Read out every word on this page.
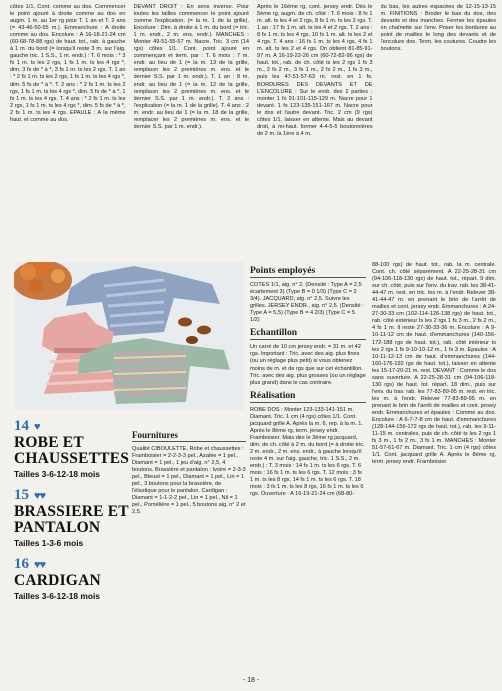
côtes 1/1. Cont. comme au dos. Commencer le point ajouré à droite comme au dos en augm. 1 m. au 1er rg pour T. 1 an et T. 2 ans (= 43-46-50-55 m.). Emmanchure : A droite comme au dos. Encolure : A 16-18-21-24 cm (60-68-78-88 rgs) de haut. tot., rab. à gauche à 1 m. du bord (= lorsqu'il reste 3 m. sur l'aig. gauche tric. 1 S.S., 1 m. endr.) : T. 6 mois : * 3 fs 1 m. ts les 2 rgs, 1 fs 1 m. ts les 4 rgs *, dim. 3 fs de * à *, 3 fs 1 m. ts les 2 rgs. T. 1 an : * 2 fs 1 m. ts les 2 rgs, 1 fs 1 m. ts les 4 rgs *, dim. 5 fs de * à *. T. 2 ans : * 2 fs 1 m. ts les 2 rgs, 1 fs 1 m. ts les 4 rgs *, dim. 5 fs de * à *, 1 fs 1 m. ts les 4 rgs. T. 4 ans : * 2 fs 1 m. ts les 2 rgs, 1 fs 1 m. ts les 4 rgs *, dim. 5 fs de * à *, 2 fs 1 m. ts les 4 rgs. EPAULE : A la même haut. et comme au dos.

DEVANT DROIT : En sens inverse. Pour toutes les tailles commencer le point ajouré comme l'explication. (= la m. 1 de la grille). Encolure : Dim. à droite à 1 m. du bord (= tric. 1 m. endr., 2 m. ens. endr.). MANCHES : Monter 49-51-55-57 m. Nacre. Tric. 3 cm (14 rgs) côtes 1/1. Cont. point ajouré en commençant et term. par : T. 6 mois : 7 m. endr. au lieu de 1 (= la m. 13 de la grille, remplacer les 2 premières m. ens. et le dernier S.S. par 1 m. endr.). T. 1 an : 8 m. endr. au lieu de 1 (= la m. 12 de la grille, remplacer les 2 premières m. ens. et le dernier S.S. par 1 m. endr.). T. 2 ans : l'explication (= la m. 1 de la grille). T. 4 ans : 2 m. endr. au lieu de 1 (= la m. 18 de la grille, remplacer les 2 premières m. ens. et le dernier S.S. par 1 m. endr.).

Après le 16ème rg, cont. jersey endr. Dès le 5ème rg, augm. de ch. côté : T. 6 mois : 8 fs 1 m. alt. ts les 4 et 2 rgs, 8 fs 1 m. ts les 2 rgs. T. 1 an : 17 fs 1 m. alt. ts les 4 et 2 rgs. T. 2 ans : 8 fs 1 m. ts les 4 rgs, 10 fs 1 m. alt. ts les 2 et 4 rgs. T. 4 ans : 16 fs 1 m. ts les 4 rgs, 4 fs 1 m. alt. ts les 2 et 4 rgs. On obtient 81-85-91-97 m. A 16-19-22-26 cm (60-72-82-96 rgs) de haut. tot., rab. de ch. côté ts les 2 rgs 1 fs 3 m., 2 fs 2 m., 3 fs 1 m., 2 fs 2 m., 1 fs 3 m., puis les 47-51-57-63 m. rest. en 1 fs. BORDURES DES DEVANTS ET DE L'ENCOLURE : Sur le endr. des 2 parties : monter 1 fs 91-101-115-129 m. Nacre pour 1 devant. 1 fs 123-135-151-167 m. Nacre pour le dos et l'autre devant. Tric. 2 cm (9 rgs) côtes 1/1, laisser en attente. Mais au devant droit, à mi-haut. former 4-4-5-5 boutonnières de 2 m. la 1ère à 4 m.

du bas, les autres espacées de 12-15-13-15 m. FINITIONS : Broder le bas du dos, des devants et des manches. Fermer les épaules en chaînette sur l'env. Poser les bordures au point de mailles le long des devants et de l'encolure dos. Term. les coutures. Coudre les boutons.

14 ♥
ROBE ET
CHAUSSETTES
Tailles 3-6-12-18 mois
15 ♥♥
BRASSIERE ET
PANTALON
Tailles 1-3-6 mois
16 ♥♥
CARDIGAN
Tailles 3-6-12-18 mois
Fournitures

Qualité CIBOULETTE, Robe et chaussettes : Framboisier = 2-2-3-3 pel., Azalée = 1 pel., Diamant = 1 pel., 1 jeu d'aig. n° 2,5, 4 boutons. Brassière et pantalon : Ivoire = 2-3-3 pel., Bleuet = 1 pel., Diamant = 1 pel., Lin = 1 pel., 3 boutons pour la brassière, de l'élastique pour le pantalon. Cardigan : Diamant = 1-1-2-2 pel., Lin = 1 pel., Nil = 1 pel., Pomélière = 1 pel., 5 boutons aig. n° 2 et 2,5.

Points employés

COTES 1/1, aig. n° 2. (Densité : Type A = 2,5 écartement 3) (Type B = 0 1/3) (Type C = 2 3/4). JACQUARD, aig. n° 2,5. Suivre les grilles. JERSEY ENDR., aig. n° 2,5. (Densité : Type A = 5,5) (Type B = 4 2/3) (Type C = 5 1/2)

Echantillon

Un carré de 10 cm jersey endr. = 31 m. et 42 rgs. Important : Tric. avec des aig. plus fines (ou un réglage plus petit) si vous obtenez moins de m. et de rgs que sur cet échantillon. Tric. avec des aig. plus grosses (ou un réglage plus grand) dans le cas contraire.

Réalisation

ROBE DOS : Monter 123-133-141-151 m. Diamant. Tric. 1 cm (4 rgs) côtes 1/1. Cont. jacquard grille A. Après la m. 6, rep. à la m. 1. Après le 8ème rg, term. jersey endr. Framboisier. Mais dès le 3ème rg jacquard, dim. de ch. côté à 2 m. du bord (= à droite tric. 2 m. endr., 2 m. ens. endr., à gauche lorsqu'il reste 4 m. sur l'aig. gauche, tric. 1 S.S., 2 m. endr.) : T. 3 mois : 14 fs 1 m. ts les 6 rgs. T. 6 mois : 16 fs 1 m. ts les 6 rgs. T. 12 mois : 3 fs 1 m. ts les 8 rgs, 14 fs 1 m. ts les 6 rgs. T. 18 mois : 3 fs 1 m. ts les 8 rgs, 16 fs 1 m. ts les 6 rgs. Ouverture : A 16-19-21-24 cm (68-80-

88-100 rgs) de haut. tot., rab. la m. centrale. Cont. ch. côté séparément. A 22-25-28-31 cm (94-106-118-130 rgs) de haut. tot., répart. 9 dim. sur ch. côté, puis sur l'env. du trav. rab. les 38-41-44-47 m. rest. en tric. les m. à l'endr. Relever 38-41-44-47 m. en prenant le brin de l'arrêt de mailles et cont. jersey endr. Emmanchures : A 24-27-30-33 cm (102-114-126-138 rgs) de haut. tot., rab. côté extérieur ts les 2 rgs 1 fs 3 m., 2 fs 2 m., 4 fs 1 m. Il reste 27-30-33-36 m. Encolure : A 9-10-11-12 cm de haut. d'emmanchures (140-156-172-188 rgs de haut. tot.), rab. côté intérieur ts les 2 rgs 1 fs 9-10-10-12 m., 1 fs 3 m. Epaules : A 10-11-12-13 cm de haut. d'emmanchures (144-160-176-192 rgs de haut. tot.), laisser en attente les 15-17-20-21 m. rest. DEVANT : Comme le dos sans ouverture. A 22-25-28-31 cm (94-106-118-130 rgs) de haut. tot. répart. 18 dim., puis sur l'env. du trav. rab. les 77-83-89-95 m. rest. en tric. les m. à l'endr. Relever 77-83-89-95 m. en prenant le brin de l'arrêt de mailles et cont. jersey endr. Emmanchures et épaules : Comme au dos. Encolure : A 6-7-7-8 cm de haut. d'emmanchures (128-144-156-172 rgs de haut. tot.), rab. les 9-11-11-15 m. centrales, puis de ch. côté ts les 2 rgs 1 fs 3 m., 1 fs 2 m., 3 fs 1 m. MANCHES : Monter 51-57-61-67 m. Diamant. Tric. 1 cm (4 rgs) côtes 1/1. Cont. jacquard grille A. Après le 8ème rg, term. jersey endr. Framboisier.

- 18 -
